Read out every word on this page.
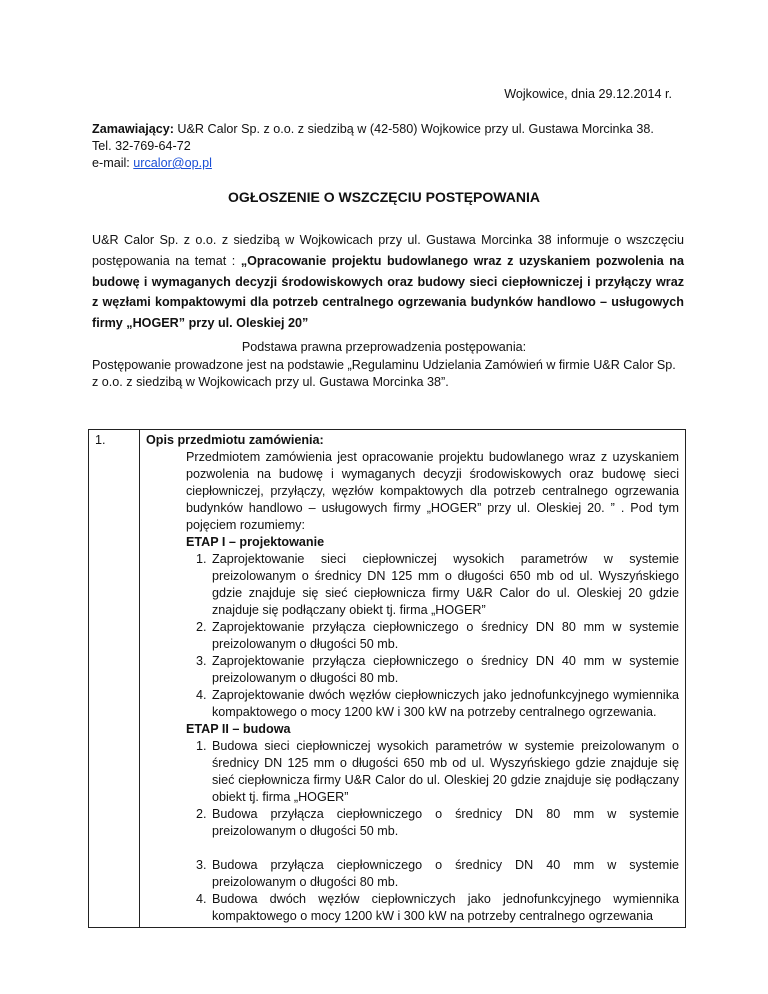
Wojkowice, dnia 29.12.2014 r.
Zamawiający: U&R Calor Sp. z o.o. z siedzibą w (42-580) Wojkowice przy ul. Gustawa Morcinka 38.
Tel. 32-769-64-72
e-mail: urcalor@op.pl
OGŁOSZENIE O WSZCZĘCIU POSTĘPOWANIA
U&R Calor Sp. z o.o. z siedzibą w Wojkowicach przy ul. Gustawa Morcinka 38 informuje o wszczęciu postępowania na temat : „Opracowanie projektu budowlanego wraz z uzyskaniem pozwolenia na budowę i wymaganych decyzji środowiskowych oraz budowy sieci ciepłowniczej i przyłączy wraz z węzłami kompaktowymi dla potrzeb centralnego ogrzewania budynków handlowo – usługowych firmy „HOGER” przy ul. Oleskiej 20”
Podstawa prawna przeprowadzenia postępowania:
Postępowanie prowadzone jest na podstawie „Regulaminu Udzielania Zamówień w firmie U&R Calor Sp. z o.o. z siedzibą w Wojkowicach przy ul. Gustawa Morcinka 38”.
1.	Opis przedmiotu zamówienia:
Przedmiotem zamówienia jest opracowanie projektu budowlanego wraz z uzyskaniem pozwolenia na budowę i wymaganych decyzji środowiskowych oraz budowę sieci ciepłowniczej, przyłączy, węzłów kompaktowych dla potrzeb centralnego ogrzewania budynków handlowo – usługowych firmy „HOGER” przy ul. Oleskiej 20. ” . Pod tym pojęciem rozumiemy:
ETAP I – projektowanie
1. Zaprojektowanie sieci ciepłowniczej wysokich parametrów w systemie preizolowanym o średnicy DN 125 mm o długości 650 mb od ul. Wyszyńskiego gdzie znajduje się sieć ciepłownicza firmy U&R Calor do ul. Oleskiej 20 gdzie znajduje się podłączany obiekt tj. firma „HOGER”
2. Zaprojektowanie przyłącza ciepłowniczego o średnicy DN 80 mm w systemie preizolowanym o długości 50 mb.
3. Zaprojektowanie przyłącza ciepłowniczego o średnicy DN 40 mm w systemie preizolowanym o długości 80 mb.
4. Zaprojektowanie dwóch węzłów ciepłowniczych jako jednofunkcyjnego wymiennika kompaktowego o mocy 1200 kW i 300 kW na potrzeby centralnego ogrzewania.
ETAP II – budowa
1. Budowa sieci ciepłowniczej wysokich parametrów w systemie preizolowanym o średnicy DN 125 mm o długości 650 mb od ul. Wyszyńskiego gdzie znajduje się sieć ciepłownicza firmy U&R Calor do ul. Oleskiej 20 gdzie znajduje się podłączany obiekt tj. firma „HOGER”
2. Budowa przyłącza ciepłowniczego o średnicy DN 80 mm w systemie preizolowanym o długości 50 mb.
3. Budowa przyłącza ciepłowniczego o średnicy DN 40 mm w systemie preizolowanym o długości 80 mb.
4. Budowa dwóch węzłów ciepłowniczych jako jednofunkcyjnego wymiennika kompaktowego o mocy 1200 kW i 300 kW na potrzeby centralnego ogrzewania
